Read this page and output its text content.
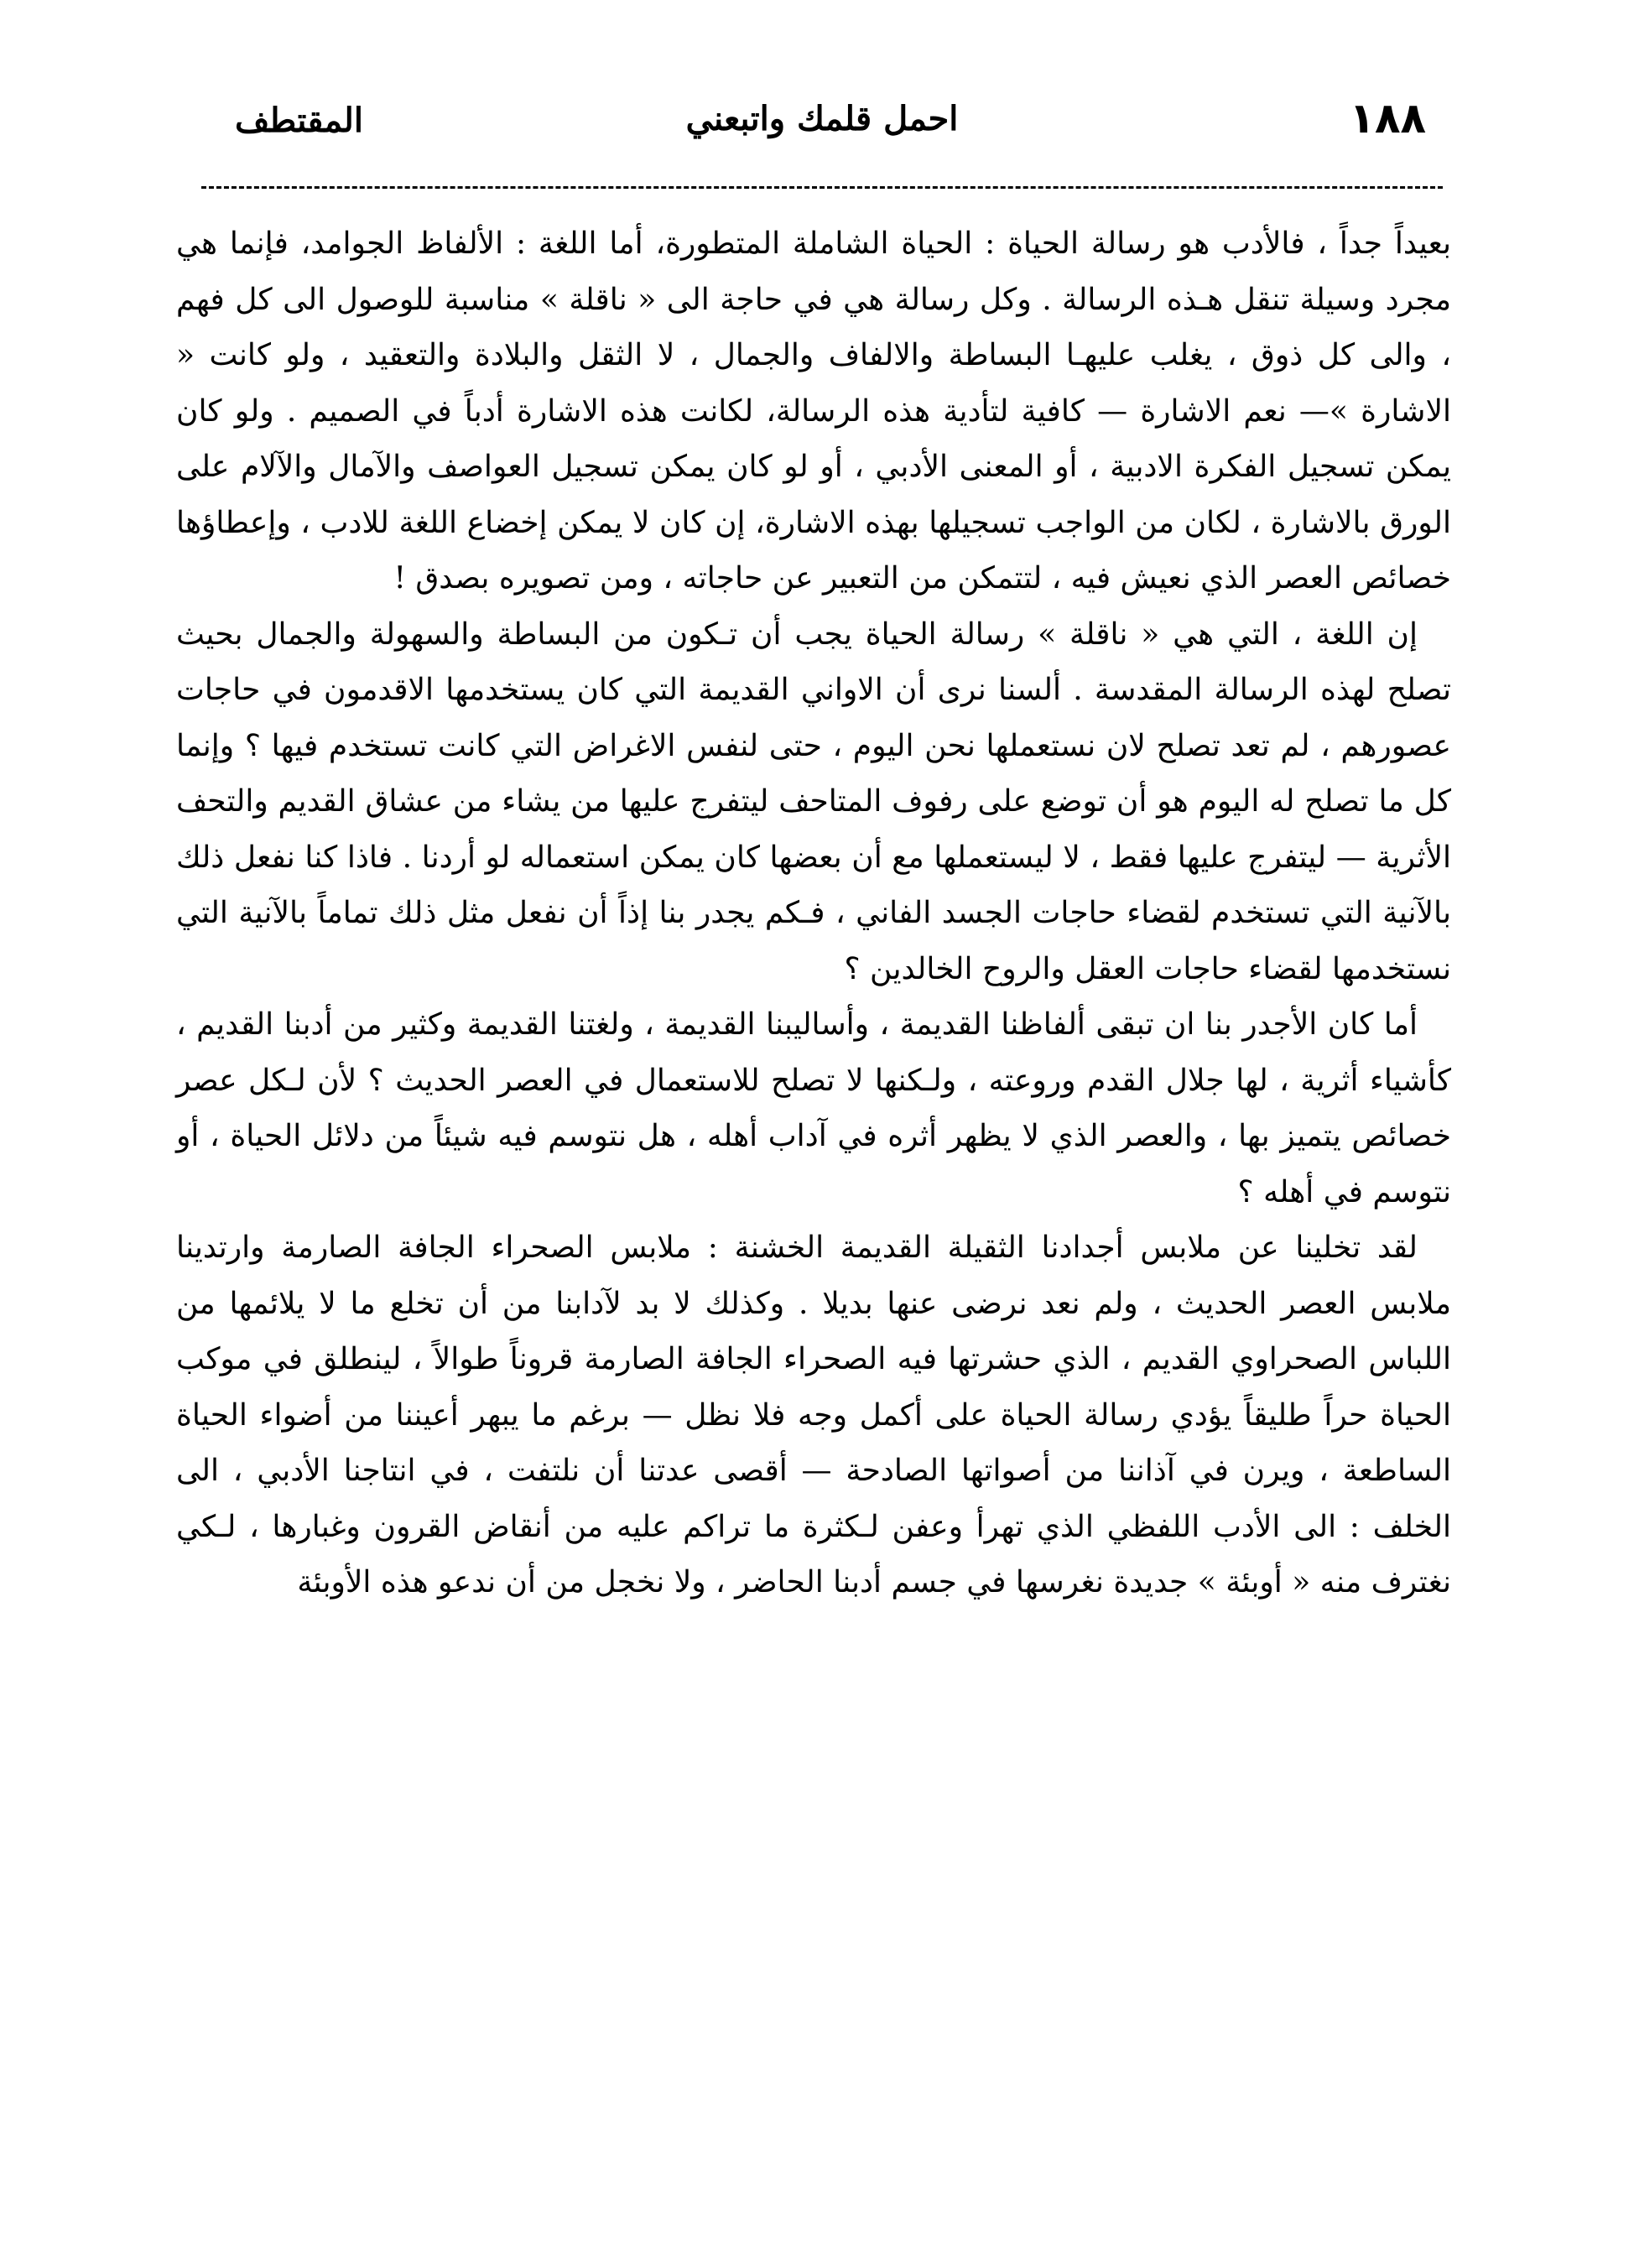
١٨٨
احمل قلمك واتبعني
المقتطف

بعيداً جداً ، فالأدب هو رسالة الحياة : الحياة الشاملة المتطورة، أما اللغة : الألفاظ الجوامد، فإنما هي مجرد وسيلة تنقل هـذه الرسالة . وكل رسالة هي في حاجة الى « ناقلة » مناسبة للوصول الى كل فهم ، والى كل ذوق ، يغلب عليهـا البساطة والالفاف والجمال ، لا الثقل والبلادة والتعقيد ، ولو كانت « الاشارة »— نعم الاشارة — كافية لتأدية هذه الرسالة، لكانت هذه الاشارة أدباً في الصميم . ولو كان يمكن تسجيل الفكرة الادبية ، أو المعنى الأدبي ، أو لو كان يمكن تسجيل العواصف والآمال والآلام على الورق بالاشارة ، لكان من الواجب تسجيلها بهذه الاشارة، إن كان لا يمكن إخضاع اللغة للادب ، وإعطاؤها خصائص العصر الذي نعيش فيه ، لتتمكن من التعبير عن حاجاته ، ومن تصويره بصدق !

إن اللغة ، التي هي « ناقلة » رسالة الحياة يجب أن تـكون من البساطة والسهولة والجمال بحيث تصلح لهذه الرسالة المقدسة . ألسنا نرى أن الاواني القديمة التي كان يستخدمها الاقدمون في حاجات عصورهم ، لم تعد تصلح لان نستعملها نحن اليوم ، حتى لنفس الاغراض التي كانت تستخدم فيها ؟ وإنما كل ما تصلح له اليوم هو أن توضع على رفوف المتاحف ليتفرج عليها من يشاء من عشاق القديم والتحف الأثرية — ليتفرج عليها فقط ، لا ليستعملها مع أن بعضها كان يمكن استعماله لو أردنا . فاذا كنا نفعل ذلك بالآنية التي تستخدم لقضاء حاجات الجسد الفاني ، فـكم يجدر بنا إذاً أن نفعل مثل ذلك تماماً بالآنية التي نستخدمها لقضاء حاجات العقل والروح الخالدين ؟

أما كان الأجدر بنا ان تبقى ألفاظنا القديمة ، وأساليبنا القديمة ، ولغتنا القديمة وكثير من أدبنا القديم ، كأشياء أثرية ، لها جلال القدم وروعته ، ولـكنها لا تصلح للاستعمال في العصر الحديث ؟ لأن لـكل عصر خصائص يتميز بها ، والعصر الذي لا يظهر أثره في آداب أهله ، هل نتوسم فيه شيئاً من دلائل الحياة ، أو نتوسم في أهله ؟

لقد تخلينا عن ملابس أجدادنا الثقيلة القديمة الخشنة : ملابس الصحراء الجافة الصارمة وارتدينا ملابس العصر الحديث ، ولم نعد نرضى عنها بديلا . وكذلك لا بد لآدابنا من أن تخلع ما لا يلائمها من اللباس الصحراوي القديم ، الذي حشرتها فيه الصحراء الجافة الصارمة قروناً طوالاً ، لينطلق في موكب الحياة حراً طليقاً يؤدي رسالة الحياة على أكمل وجه فلا نظل — برغم ما يبهر أعيننا من أضواء الحياة الساطعة ، ويرن في آذاننا من أصواتها الصادحة — أقصى عدتنا أن نلتفت ، في انتاجنا الأدبي ، الى الخلف : الى الأدب اللفظي الذي تهرأ وعفن لـكثرة ما تراكم عليه من أنقاض القرون وغبارها ، لـكي نغترف منه « أوبئة » جديدة نغرسها في جسم أدبنا الحاضر ، ولا نخجل من أن ندعو هذه الأوبئة
